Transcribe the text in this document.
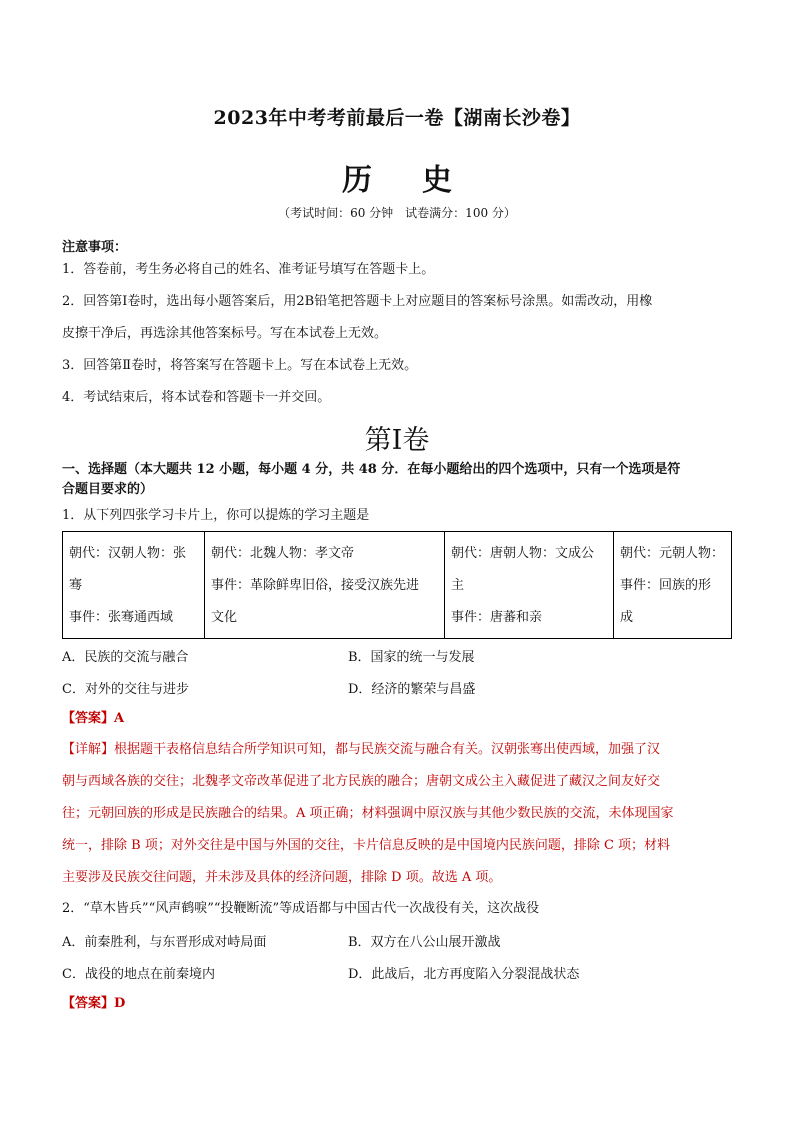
2023年中考考前最后一卷【湖南长沙卷】
历 史
（考试时间：60 分钟　试卷满分：100 分）
注意事项：
1．答卷前，考生务必将自己的姓名、准考证号填写在答题卡上。
2．回答第Ⅰ卷时，选出每小题答案后，用2B铅笔把答题卡上对应题目的答案标号涂黑。如需改动，用橡
皮擦干净后，再选涂其他答案标号。写在本试卷上无效。
3．回答第Ⅱ卷时，将答案写在答题卡上。写在本试卷上无效。
4．考试结束后，将本试卷和答题卡一并交回。
第Ⅰ卷
一、选择题（本大题共 12 小题，每小题 4 分，共 48 分．在每小题给出的四个选项中，只有一个选项是符
合题目要求的）
1．从下列四张学习卡片上，你可以提炼的学习主题是
朝代：汉朝人物：张
骞
事件：张骞通西域

朝代：北魏人物：孝文帝
事件：革除鲜卑旧俗，接受汉族先进
文化

朝代：唐朝人物：文成公
主
事件：唐蕃和亲

朝代：元朝人物：
事件：回族的形
成
A．民族的交流与融合	B．国家的统一与发展
C．对外的交往与进步	D．经济的繁荣与昌盛
【答案】A
【详解】根据题干表格信息结合所学知识可知，都与民族交流与融合有关。汉朝张骞出使西域，加强了汉
朝与西域各族的交往；北魏孝文帝改革促进了北方民族的融合；唐朝文成公主入藏促进了藏汉之间友好交
往；元朝回族的形成是民族融合的结果。A 项正确；材料强调中原汉族与其他少数民族的交流，未体现国家
统一，排除 B 项；对外交往是中国与外国的交往，卡片信息反映的是中国境内民族问题，排除 C 项；材料
主要涉及民族交往问题，并未涉及具体的经济问题，排除 D 项。故选 A 项。
2．“草木皆兵”“风声鹤唳”“投鞭断流”等成语都与中国古代一次战役有关，这次战役
A．前秦胜利，与东晋形成对峙局面	B．双方在八公山展开激战
C．战役的地点在前秦境内	D．此战后，北方再度陷入分裂混战状态
【答案】D
